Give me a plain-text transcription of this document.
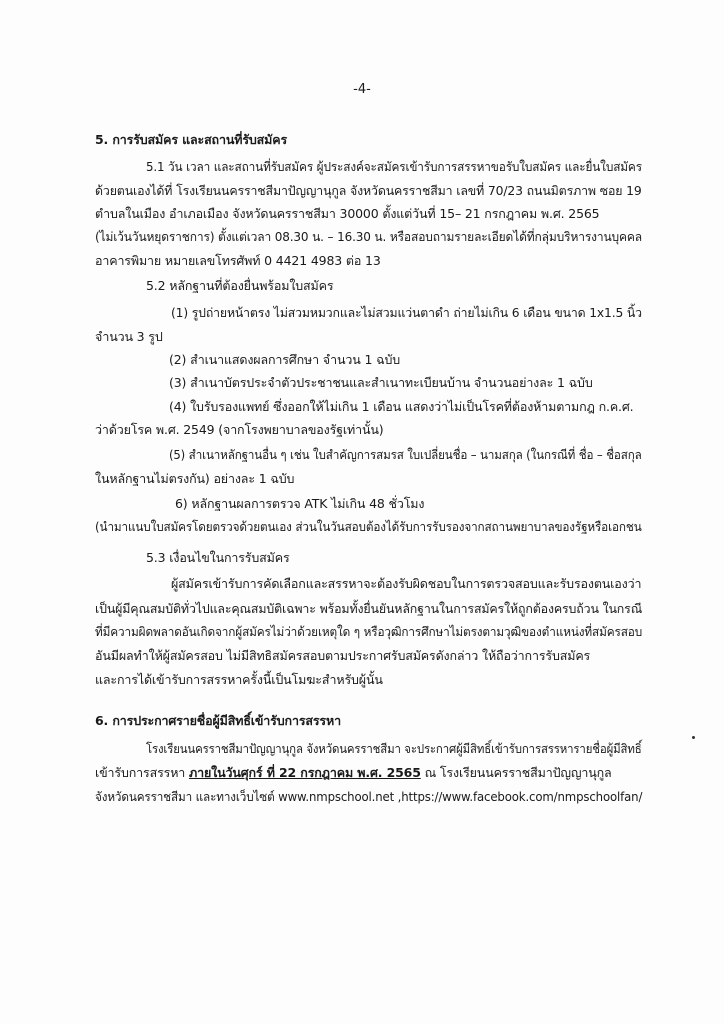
-4-
5. การรับสมัคร และสถานที่รับสมัคร
5.1 วัน เวลา และสถานที่รับสมัคร ผู้ประสงค์จะสมัครเข้ารับการสรรหาขอรับใบสมัคร และยื่นใบสมัคร
ด้วยตนเองได้ที่ โรงเรียนนครราชสีมาปัญญานุกูล จังหวัดนครราชสีมา เลขที่ 70/23 ถนนมิตรภาพ ซอย 19
ตำบลในเมือง อำเภอเมือง จังหวัดนครราชสีมา 30000 ตั้งแต่วันที่ 15– 21 กรกฎาคม พ.ศ. 2565
(ไม่เว้นวันหยุดราชการ) ตั้งแต่เวลา 08.30 น. – 16.30 น. หรือสอบถามรายละเอียดได้ที่กลุ่มบริหารงานบุคคล
อาคารพิมาย หมายเลขโทรศัพท์ 0 4421 4983 ต่อ 13
5.2 หลักฐานที่ต้องยื่นพร้อมใบสมัคร
(1) รูปถ่ายหน้าตรง ไม่สวมหมวกและไม่สวมแว่นตาดำ ถ่ายไม่เกิน 6 เดือน ขนาด 1x1.5 นิ้ว
จำนวน 3 รูป
(2) สำเนาแสดงผลการศึกษา จำนวน 1 ฉบับ
(3) สำเนาบัตรประจำตัวประชาชนและสำเนาทะเบียนบ้าน จำนวนอย่างละ 1 ฉบับ
(4) ใบรับรองแพทย์ ซึ่งออกให้ไม่เกิน 1 เดือน แสดงว่าไม่เป็นโรคที่ต้องห้ามตามกฎ ก.ค.ศ.
ว่าด้วยโรค พ.ศ. 2549 (จากโรงพยาบาลของรัฐเท่านั้น)
(5) สำเนาหลักฐานอื่น ๆ เช่น ใบสำคัญการสมรส ใบเปลี่ยนชื่อ – นามสกุล (ในกรณีที่ ชื่อ – ชื่อสกุล
ในหลักฐานไม่ตรงกัน) อย่างละ 1 ฉบับ
6) หลักฐานผลการตรวจ ATK ไม่เกิน 48 ชั่วโมง
(นำมาแนบใบสมัครโดยตรวจด้วยตนเอง ส่วนในวันสอบต้องได้รับการรับรองจากสถานพยาบาลของรัฐหรือเอกชน
5.3 เงื่อนไขในการรับสมัคร
ผู้สมัครเข้ารับการคัดเลือกและสรรหาจะต้องรับผิดชอบในการตรวจสอบและรับรองตนเองว่า
เป็นผู้มีคุณสมบัติทั่วไปและคุณสมบัติเฉพาะ พร้อมทั้งยื่นยันหลักฐานในการสมัครให้ถูกต้องครบถ้วน ในกรณี
ที่มีความผิดพลาดอันเกิดจากผู้สมัครไม่ว่าด้วยเหตุใด ๆ หรือวุฒิการศึกษาไม่ตรงตามวุฒิของตำแหน่งที่สมัครสอบ
อันมีผลทำให้ผู้สมัครสอบ ไม่มีสิทธิสมัครสอบตามประกาศรับสมัครดังกล่าว ให้ถือว่าการรับสมัคร
และการได้เข้ารับการสรรหาครั้งนี้เป็นโมฆะสำหรับผู้นั้น
6. การประกาศรายชื่อผู้มีสิทธิ์เข้ารับการสรรหา
โรงเรียนนครราชสีมาปัญญานุกูล จังหวัดนครราชสีมา จะประกาศผู้มีสิทธิ์เข้ารับการสรรหารายชื่อผู้มีสิทธิ์
เข้ารับการสรรหา ภายในวันศุกร์ ที่ 22 กรกฎาคม พ.ศ. 2565 ณ โรงเรียนนครราชสีมาปัญญานุกูล
จังหวัดนครราชสีมา และทางเว็บไซต์ www.nmpschool.net ,https://www.facebook.com/nmpschoolfan/
